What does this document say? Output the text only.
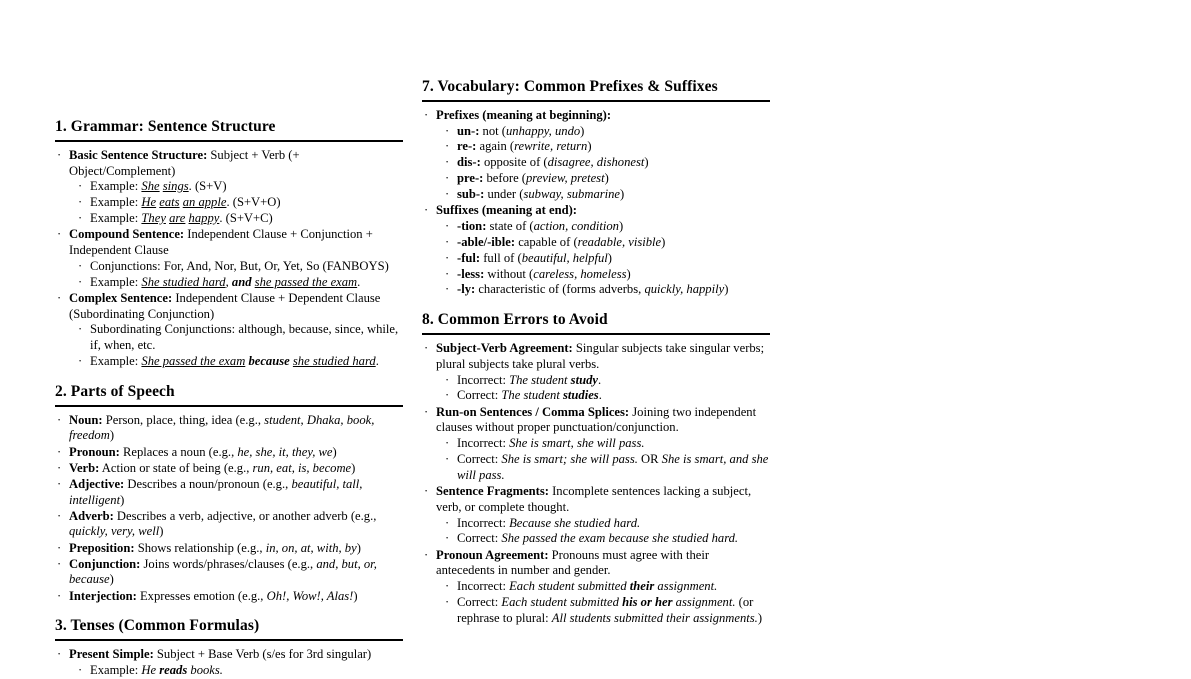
1. Grammar: Sentence Structure
· Basic Sentence Structure: Subject + Verb (+ Object/Complement)
· Example: She sings. (S+V)
· Example: He eats an apple. (S+V+O)
· Example: They are happy. (S+V+C)
· Compound Sentence: Independent Clause + Conjunction + Independent Clause
· Conjunctions: For, And, Nor, But, Or, Yet, So (FANBOYS)
· Example: She studied hard, and she passed the exam.
· Complex Sentence: Independent Clause + Dependent Clause (Subordinating Conjunction)
· Subordinating Conjunctions: although, because, since, while, if, when, etc.
· Example: She passed the exam because she studied hard.
2. Parts of Speech
· Noun: Person, place, thing, idea (e.g., student, Dhaka, book, freedom)
· Pronoun: Replaces a noun (e.g., he, she, it, they, we)
· Verb: Action or state of being (e.g., run, eat, is, become)
· Adjective: Describes a noun/pronoun (e.g., beautiful, tall, intelligent)
· Adverb: Describes a verb, adjective, or another adverb (e.g., quickly, very, well)
· Preposition: Shows relationship (e.g., in, on, at, with, by)
· Conjunction: Joins words/phrases/clauses (e.g., and, but, or, because)
· Interjection: Expresses emotion (e.g., Oh!, Wow!, Alas!)
3. Tenses (Common Formulas)
· Present Simple: Subject + Base Verb (s/es for 3rd singular)
· Example: He reads books.
7. Vocabulary: Common Prefixes & Suffixes
· Prefixes (meaning at beginning):
· un-: not (unhappy, undo)
· re-: again (rewrite, return)
· dis-: opposite of (disagree, dishonest)
· pre-: before (preview, pretest)
· sub-: under (subway, submarine)
· Suffixes (meaning at end):
· -tion: state of (action, condition)
· -able/-ible: capable of (readable, visible)
· -ful: full of (beautiful, helpful)
· -less: without (careless, homeless)
· -ly: characteristic of (forms adverbs, quickly, happily)
8. Common Errors to Avoid
· Subject-Verb Agreement: Singular subjects take singular verbs; plural subjects take plural verbs.
· Incorrect: The student study.
· Correct: The student studies.
· Run-on Sentences / Comma Splices: Joining two independent clauses without proper punctuation/conjunction.
· Incorrect: She is smart, she will pass.
· Correct: She is smart; she will pass. OR She is smart, and she will pass.
· Sentence Fragments: Incomplete sentences lacking a subject, verb, or complete thought.
· Incorrect: Because she studied hard.
· Correct: She passed the exam because she studied hard.
· Pronoun Agreement: Pronouns must agree with their antecedents in number and gender.
· Incorrect: Each student submitted their assignment.
· Correct: Each student submitted his or her assignment. (or rephrase to plural: All students submitted their assignments.)
